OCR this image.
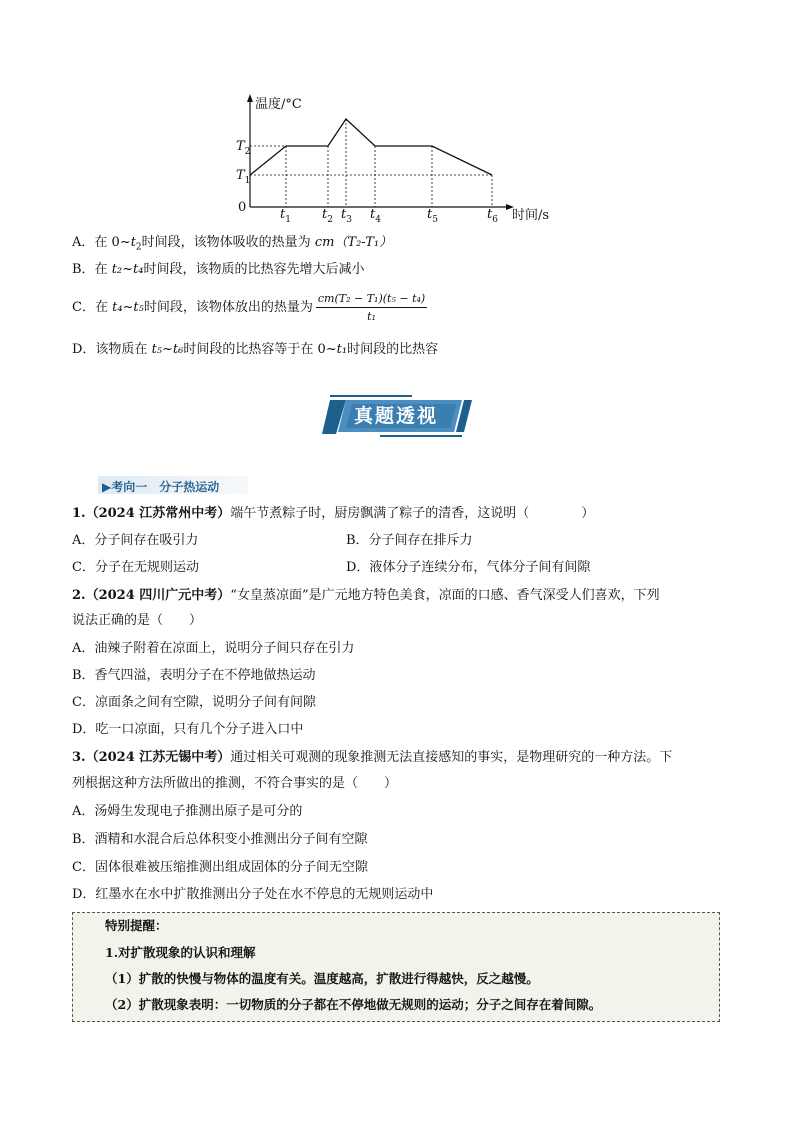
温度/°C
时间/s
0
$T_2$
$T_1$
$t_1$ $t_2$ $t_3$ $t_4$	$t_5$	$t_6$
A．在 $0\sim t_2$时间段，该物体吸收的热量为 cm（T₂-T₁）
B．在 t₂~t₄时间段，该物质的比热容先增大后减小
C．在 t₄~t₅时间段，该物体放出的热量为 $\frac{\text{cm(T₂ − T₁)(t₅ − t₄)}}{\text{t₁}}$
D．该物质在 t₅~t₆时间段的比热容等于在 0~t₁时间段的比热容
真题透视
▶考向一　分子热运动
1.（2024 江苏常州中考）端午节煮粽子时，厨房飘满了粽子的清香，这说明（　　　　）
A．分子间存在吸引力	B．分子间存在排斥力
C．分子在无规则运动	D．液体分子连续分布，气体分子间有间隙
2.（2024 四川广元中考）“女皇蒸凉面”是广元地方特色美食，凉面的口感、香气深受人们喜欢，下列
说法正确的是（　　）
A．油辣子附着在凉面上，说明分子间只存在引力
B．香气四溢，表明分子在不停地做热运动
C．凉面条之间有空隙，说明分子间有间隙
D．吃一口凉面，只有几个分子进入口中
3.（2024 江苏无锡中考）通过相关可观测的现象推测无法直接感知的事实，是物理研究的一种方法。下
列根据这种方法所做出的推测，不符合事实的是（　　）
A．汤姆生发现电子推测出原子是可分的
B．酒精和水混合后总体积变小推测出分子间有空隙
C．固体很难被压缩推测出组成固体的分子间无空隙
D．红墨水在水中扩散推测出分子处在水不停息的无规则运动中
特别提醒：
1.对扩散现象的认识和理解
（1）扩散的快慢与物体的温度有关。温度越高，扩散进行得越快，反之越慢。
（2）扩散现象表明：一切物质的分子都在不停地做无规则的运动；分子之间存在着间隙。
